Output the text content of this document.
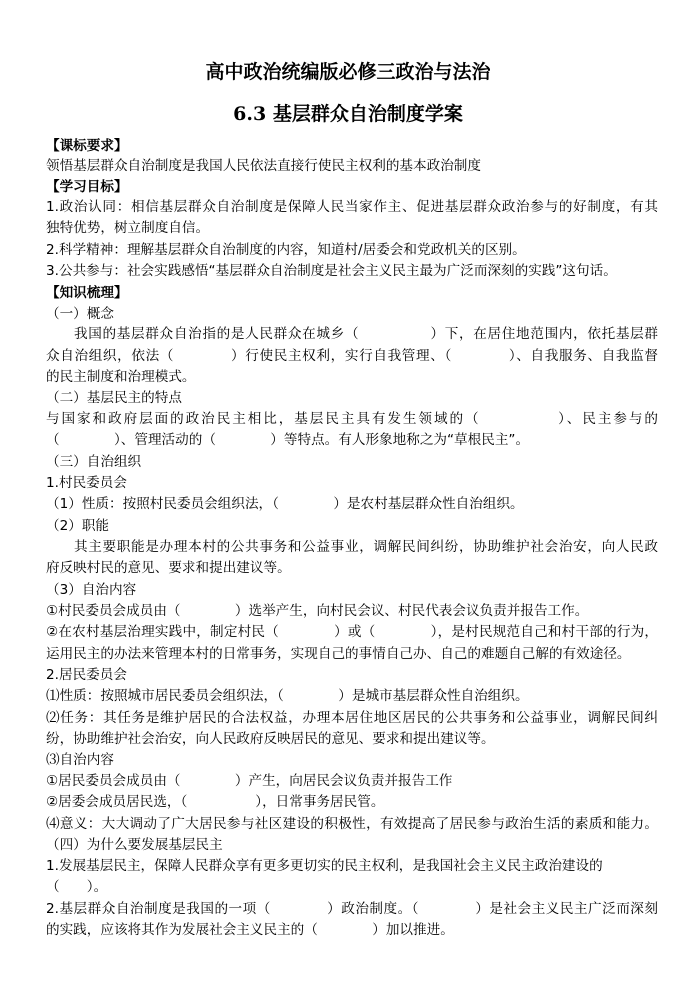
高中政治统编版必修三政治与法治
6.3 基层群众自治制度学案
【课标要求】
领悟基层群众自治制度是我国人民依法直接行使民主权利的基本政治制度
【学习目标】
1.政治认同：相信基层群众自治制度是保障人民当家作主、促进基层群众政治参与的好制度，有其
独特优势，树立制度自信。
2.科学精神：理解基层群众自治制度的内容，知道村/居委会和党政机关的区别。
3.公共参与：社会实践感悟“基层群众自治制度是社会主义民主最为广泛而深刻的实践”这句话。
【知识梳理】
（一）概念
我国的基层群众自治指的是人民群众在城乡（　　　　　）下，在居住地范围内，依托基层群
众自治组织，依法（　　　　）行使民主权利，实行自我管理、（　　　　）、自我服务、自我监督
的民主制度和治理模式。
（二）基层民主的特点
与国家和政府层面的政治民主相比，基层民主具有发生领域的（　　　　　）、民主参与的
（　　　　）、管理活动的（　　　　）等特点。有人形象地称之为“草根民主”。
（三）自治组织
1.村民委员会
（1）性质：按照村民委员会组织法，（　　　　）是农村基层群众性自治组织。
（2）职能
其主要职能是办理本村的公共事务和公益事业，调解民间纠纷，协助维护社会治安，向人民政
府反映村民的意见、要求和提出建议等。
（3）自治内容
①村民委员会成员由（　　　　）选举产生，向村民会议、村民代表会议负责并报告工作。
②在农村基层治理实践中，制定村民（　　　　）或（　　　　），是村民规范自己和村干部的行为，
运用民主的办法来管理本村的日常事务，实现自己的事情自己办、自己的难题自己解的有效途径。
2.居民委员会
⑴性质：按照城市居民委员会组织法，（　　　　）是城市基层群众性自治组织。
⑵任务：其任务是维护居民的合法权益，办理本居住地区居民的公共事务和公益事业，调解民间纠
纷，协助维护社会治安，向人民政府反映居民的意见、要求和提出建议等。
⑶自治内容
①居民委员会成员由（　　　　）产生，向居民会议负责并报告工作
②居委会成员居民选，（　　　　　），日常事务居民管。
⑷意义：大大调动了广大居民参与社区建设的积极性，有效提高了居民参与政治生活的素质和能力。
（四）为什么要发展基层民主
1.发展基层民主，保障人民群众享有更多更切实的民主权利，是我国社会主义民主政治建设的
（　　）。
2.基层群众自治制度是我国的一项（　　　　）政治制度。（　　　　）是社会主义民主广泛而深刻
的实践，应该将其作为发展社会主义民主的（　　　　）加以推进。
